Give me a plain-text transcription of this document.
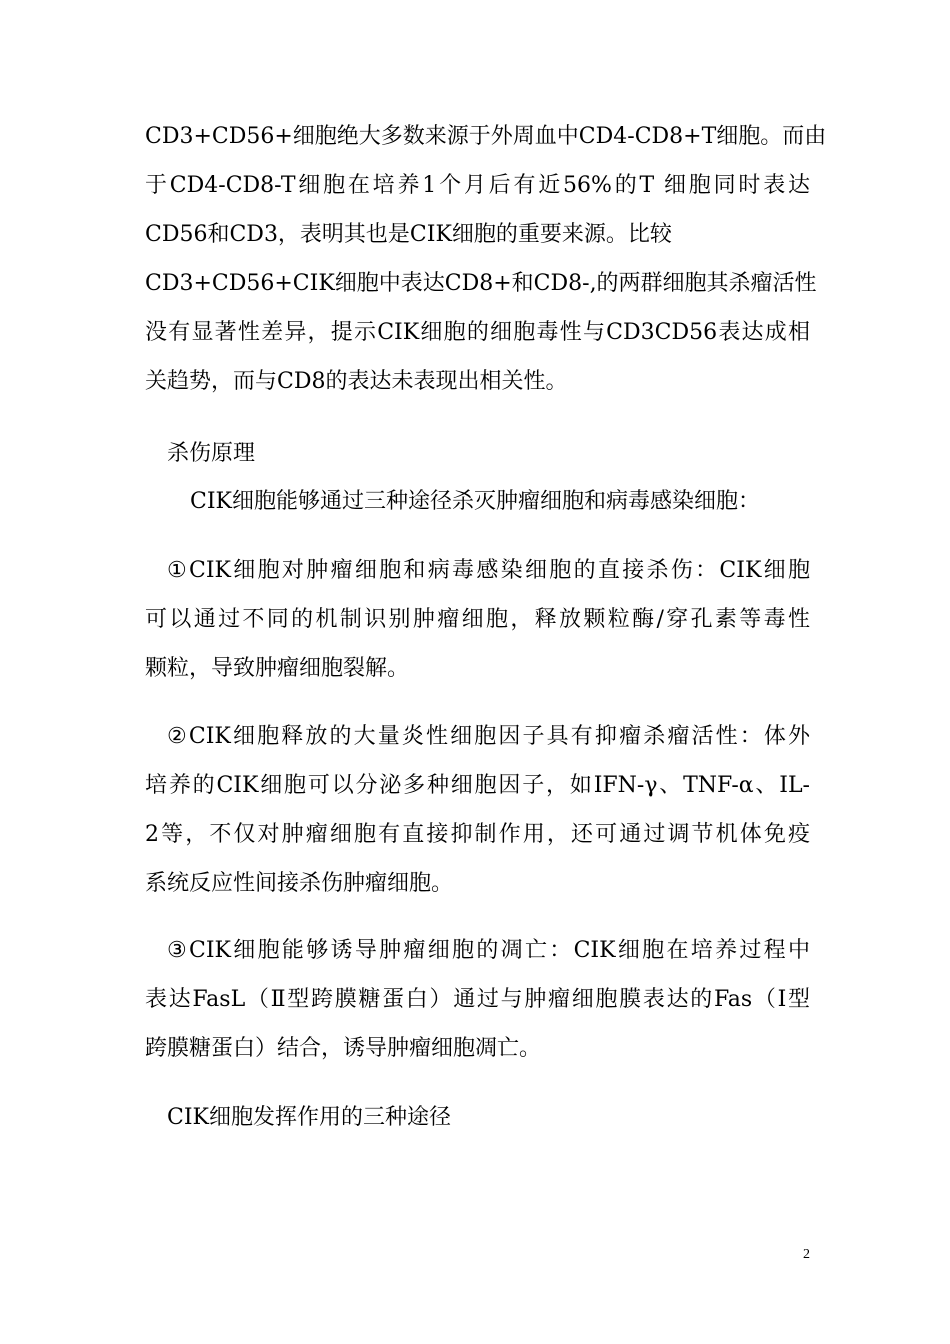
CD3+CD56+细胞绝大多数来源于外周血中CD4-CD8+T细胞。而由
于CD4-CD8-T细胞在培养1个月后有近56%的T 细胞同时表达
CD56和CD3，表明其也是CIK细胞的重要来源。比较
CD3+CD56+CIK细胞中表达CD8+和CD8-,的两群细胞其杀瘤活性
没有显著性差异，提示CIK细胞的细胞毒性与CD3CD56表达成相
关趋势，而与CD8的表达未表现出相关性。
杀伤原理
CIK细胞能够通过三种途径杀灭肿瘤细胞和病毒感染细胞：
①CIK细胞对肿瘤细胞和病毒感染细胞的直接杀伤：CIK细胞
可以通过不同的机制识别肿瘤细胞，释放颗粒酶/穿孔素等毒性
颗粒，导致肿瘤细胞裂解。
②CIK细胞释放的大量炎性细胞因子具有抑瘤杀瘤活性：体外
培养的CIK细胞可以分泌多种细胞因子，如IFN-γ、TNF-α、IL-
2等，不仅对肿瘤细胞有直接抑制作用，还可通过调节机体免疫
系统反应性间接杀伤肿瘤细胞。
③CIK细胞能够诱导肿瘤细胞的凋亡：CIK细胞在培养过程中
表达FasL（Ⅱ型跨膜糖蛋白）通过与肿瘤细胞膜表达的Fas（Ⅰ型
跨膜糖蛋白）结合，诱导肿瘤细胞凋亡。
CIK细胞发挥作用的三种途径
2
